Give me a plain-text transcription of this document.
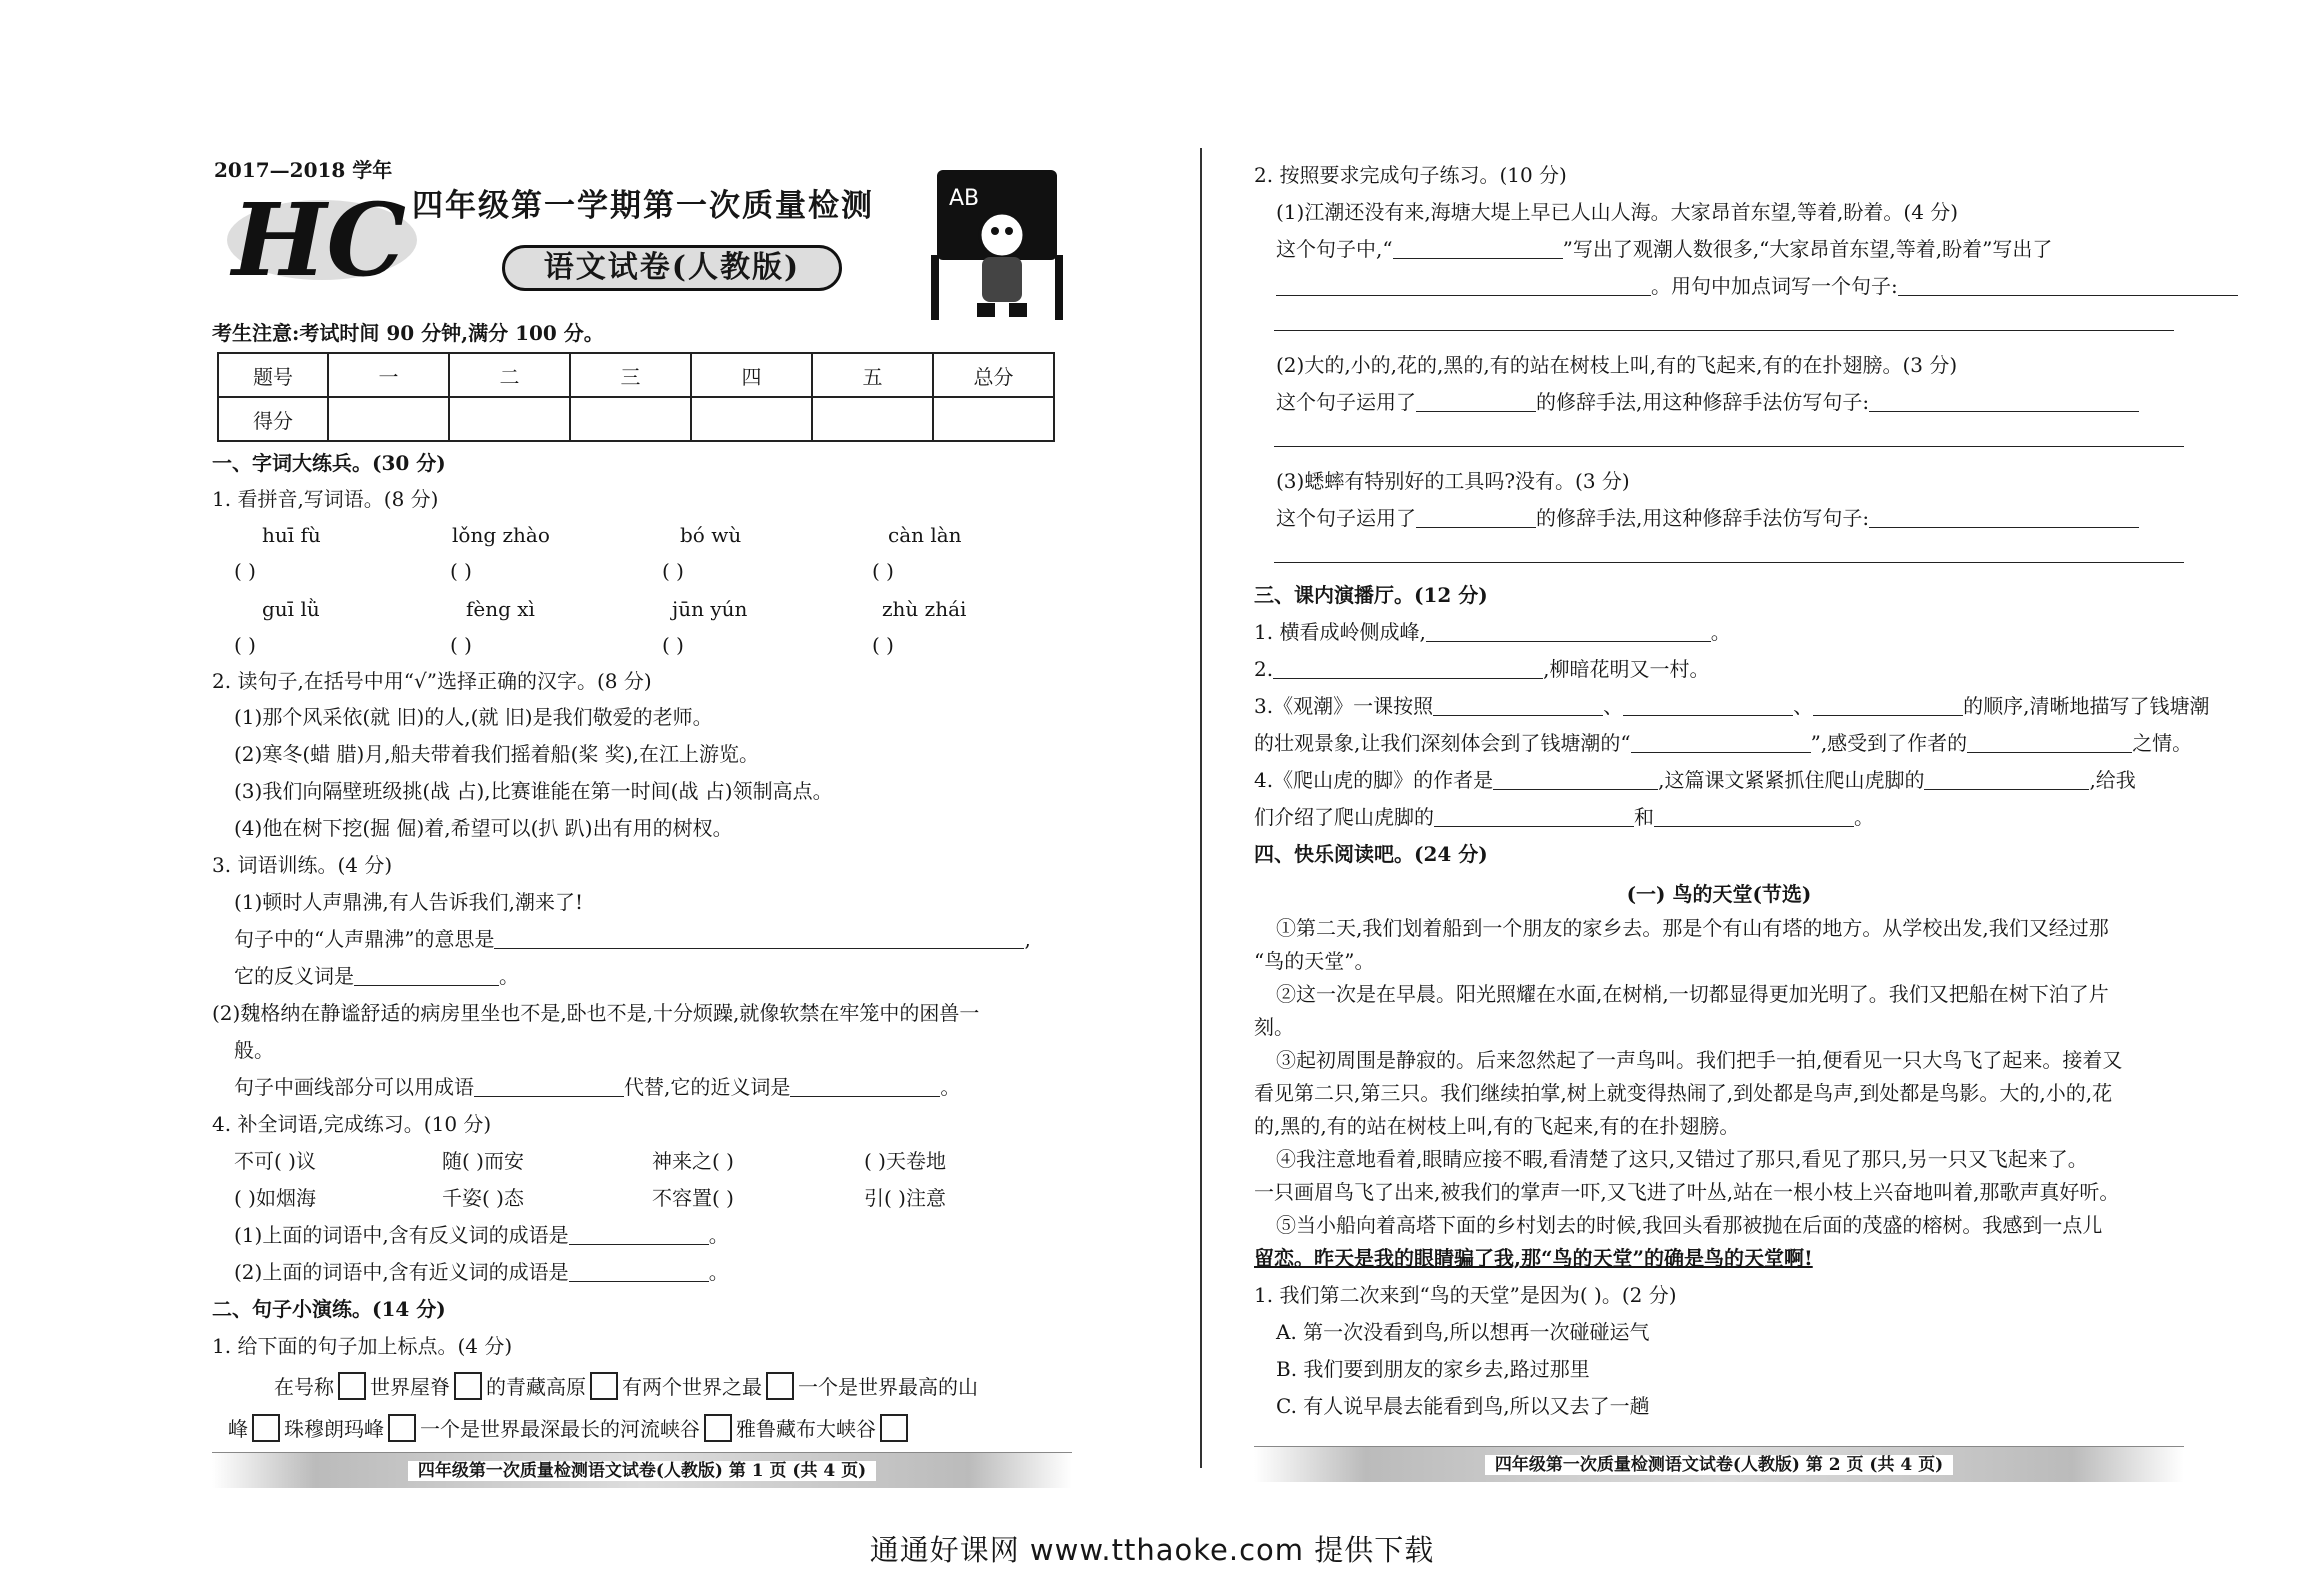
2017—2018 学年
HC 四年级第一学期第一次质量检测
语文试卷(人教版)
AB
考生注意:考试时间 90 分钟,满分 100 分。
题号	一	二	三	四	五	总分
得分						
一、字词大练兵。(30 分)
1. 看拼音,写词语。(8 分)
huī fù	lǒng zhào	bó wù	càn làn
( )	( )	( )	( )
guī lǜ	fèng xì	jūn yún	zhù zhái
( )	( )	( )	( )
2. 读句子,在括号中用“√”选择正确的汉字。(8 分)
(1)那个风采依(就 旧)的人,(就 旧)是我们敬爱的老师。
(2)寒冬(蜡 腊)月,船夫带着我们摇着船(桨 奖),在江上游览。
(3)我们向隔壁班级挑(战 占),比赛谁能在第一时间(战 占)领制高点。
(4)他在树下挖(掘 倔)着,希望可以(扒 趴)出有用的树杈。
3. 词语训练。(4 分)
(1)顿时人声鼎沸,有人告诉我们,潮来了!
句子中的“人声鼎沸”的意思是	,
它的反义词是	。
(2)魏格纳在静谧舒适的病房里坐也不是,卧也不是,十分烦躁,就像软禁在牢笼中的困兽一
般。
句子中画线部分可以用成语	代替,它的近义词是	。
4. 补全词语,完成练习。(10 分)
不可( )议	随( )而安	神来之( )	( )天卷地
( )如烟海	千姿( )态	不容置( )	引( )注意
(1)上面的词语中,含有反义词的成语是	。
(2)上面的词语中,含有近义词的成语是	。
二、句子小演练。(14 分)
1. 给下面的句子加上标点。(4 分)
在号称 世界屋脊 的青藏高原 有两个世界之最 一个是世界最高的山
峰 珠穆朗玛峰 一个是世界最深最长的河流峡谷 雅鲁藏布大峡谷
四年级第一次质量检测语文试卷(人教版) 第 1 页 (共 4 页)
2. 按照要求完成句子练习。(10 分)
(1)江潮还没有来,海塘大堤上早已人山人海。大家昂首东望,等着,盼着。(4 分)
这个句子中,“	”写出了观潮人数很多,“大家昂首东望,等着,盼着”写出了
。用句中加点词写一个句子:
(2)大的,小的,花的,黑的,有的站在树枝上叫,有的飞起来,有的在扑翅膀。(3 分)
这个句子运用了	的修辞手法,用这种修辞手法仿写句子:
(3)蟋蟀有特别好的工具吗?没有。(3 分)
这个句子运用了	的修辞手法,用这种修辞手法仿写句子:
三、课内演播厅。(12 分)
1. 横看成岭侧成峰,	。
2.	,柳暗花明又一村。
3.《观潮》一课按照	、	、	的顺序,清晰地描写了钱塘潮
的壮观景象,让我们深刻体会到了钱塘潮的“	”,感受到了作者的	之情。
4.《爬山虎的脚》的作者是	,这篇课文紧紧抓住爬山虎脚的	,给我
们介绍了爬山虎脚的	和	。
四、快乐阅读吧。(24 分)
(一) 鸟的天堂(节选)
①第二天,我们划着船到一个朋友的家乡去。那是个有山有塔的地方。从学校出发,我们又经过那
“鸟的天堂”。
②这一次是在早晨。阳光照耀在水面,在树梢,一切都显得更加光明了。我们又把船在树下泊了片
刻。
③起初周围是静寂的。后来忽然起了一声鸟叫。我们把手一拍,便看见一只大鸟飞了起来。接着又
看见第二只,第三只。我们继续拍掌,树上就变得热闹了,到处都是鸟声,到处都是鸟影。大的,小的,花
的,黑的,有的站在树枝上叫,有的飞起来,有的在扑翅膀。
④我注意地看着,眼睛应接不暇,看清楚了这只,又错过了那只,看见了那只,另一只又飞起来了。
一只画眉鸟飞了出来,被我们的掌声一吓,又飞进了叶丛,站在一根小枝上兴奋地叫着,那歌声真好听。
⑤当小船向着高塔下面的乡村划去的时候,我回头看那被抛在后面的茂盛的榕树。我感到一点儿
留恋。昨天是我的眼睛骗了我,那“鸟的天堂”的确是鸟的天堂啊!
1. 我们第二次来到“鸟的天堂”是因为( )。(2 分)
A. 第一次没看到鸟,所以想再一次碰碰运气
B. 我们要到朋友的家乡去,路过那里
C. 有人说早晨去能看到鸟,所以又去了一趟
四年级第一次质量检测语文试卷(人教版) 第 2 页 (共 4 页)
通通好课网 www.tthaoke.com 提供下载
